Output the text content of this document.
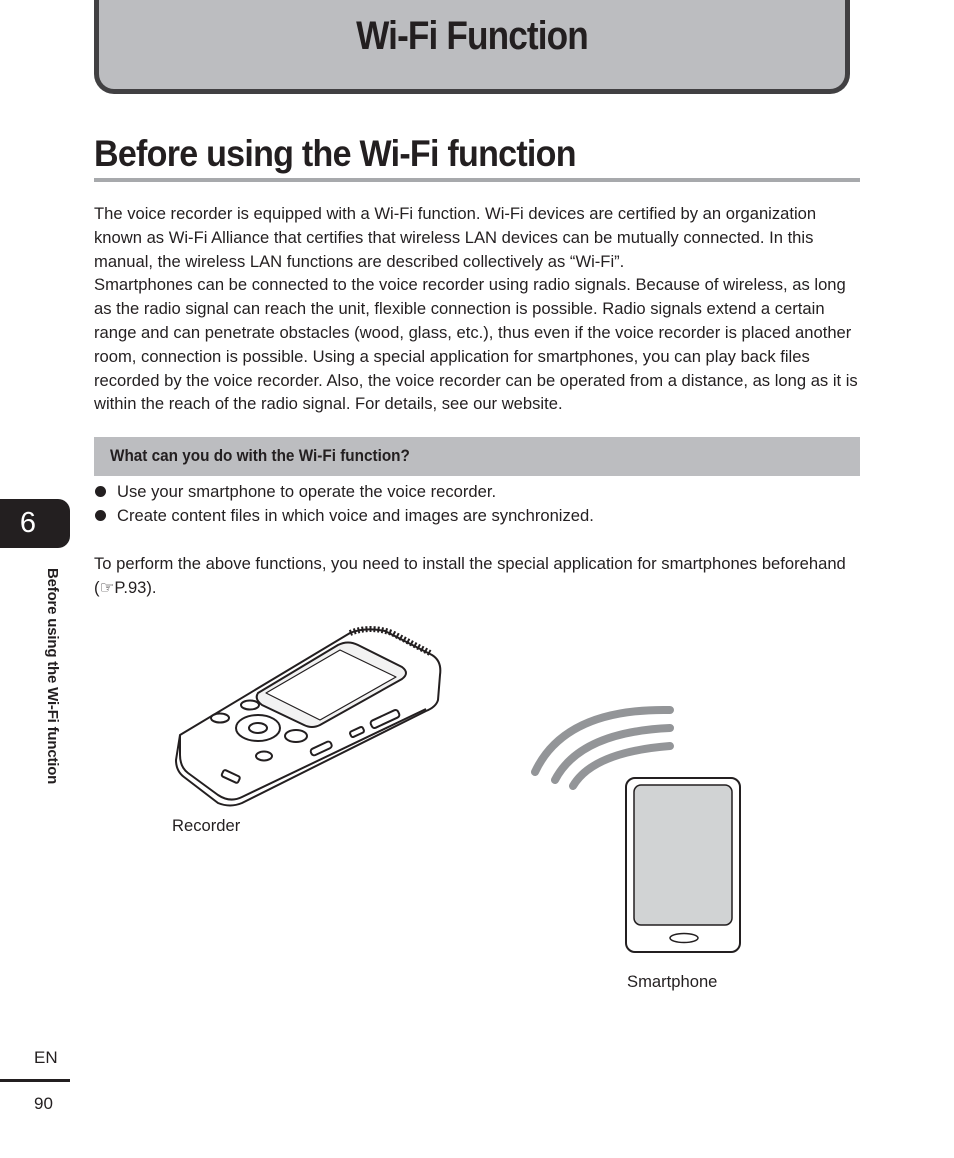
Wi-Fi Function
Before using the Wi-Fi function

The voice recorder is equipped with a Wi-Fi function. Wi-Fi devices are certified by an organization known as Wi-Fi Alliance that certifies that wireless LAN devices can be mutually connected. In this manual, the wireless LAN functions are described collectively as “Wi-Fi”.

Smartphones can be connected to the voice recorder using radio signals. Because of wireless, as long as the radio signal can reach the unit, flexible connection is possible. Radio signals extend a certain range and can penetrate obstacles (wood, glass, etc.), thus even if the voice recorder is placed another room, connection is possible. Using a special application for smartphones, you can play back files recorded by the voice recorder. Also, the voice recorder can be operated from a distance, as long as it is within the reach of the radio signal. For details, see our website.

What can you do with the Wi-Fi function?
Use your smartphone to operate the voice recorder.
Create content files in which voice and images are synchronized.

To perform the above functions, you need to install the special application for smartphones beforehand (☞P.93).

Recorder
Smartphone
6
Before using the Wi-Fi function
EN
90
